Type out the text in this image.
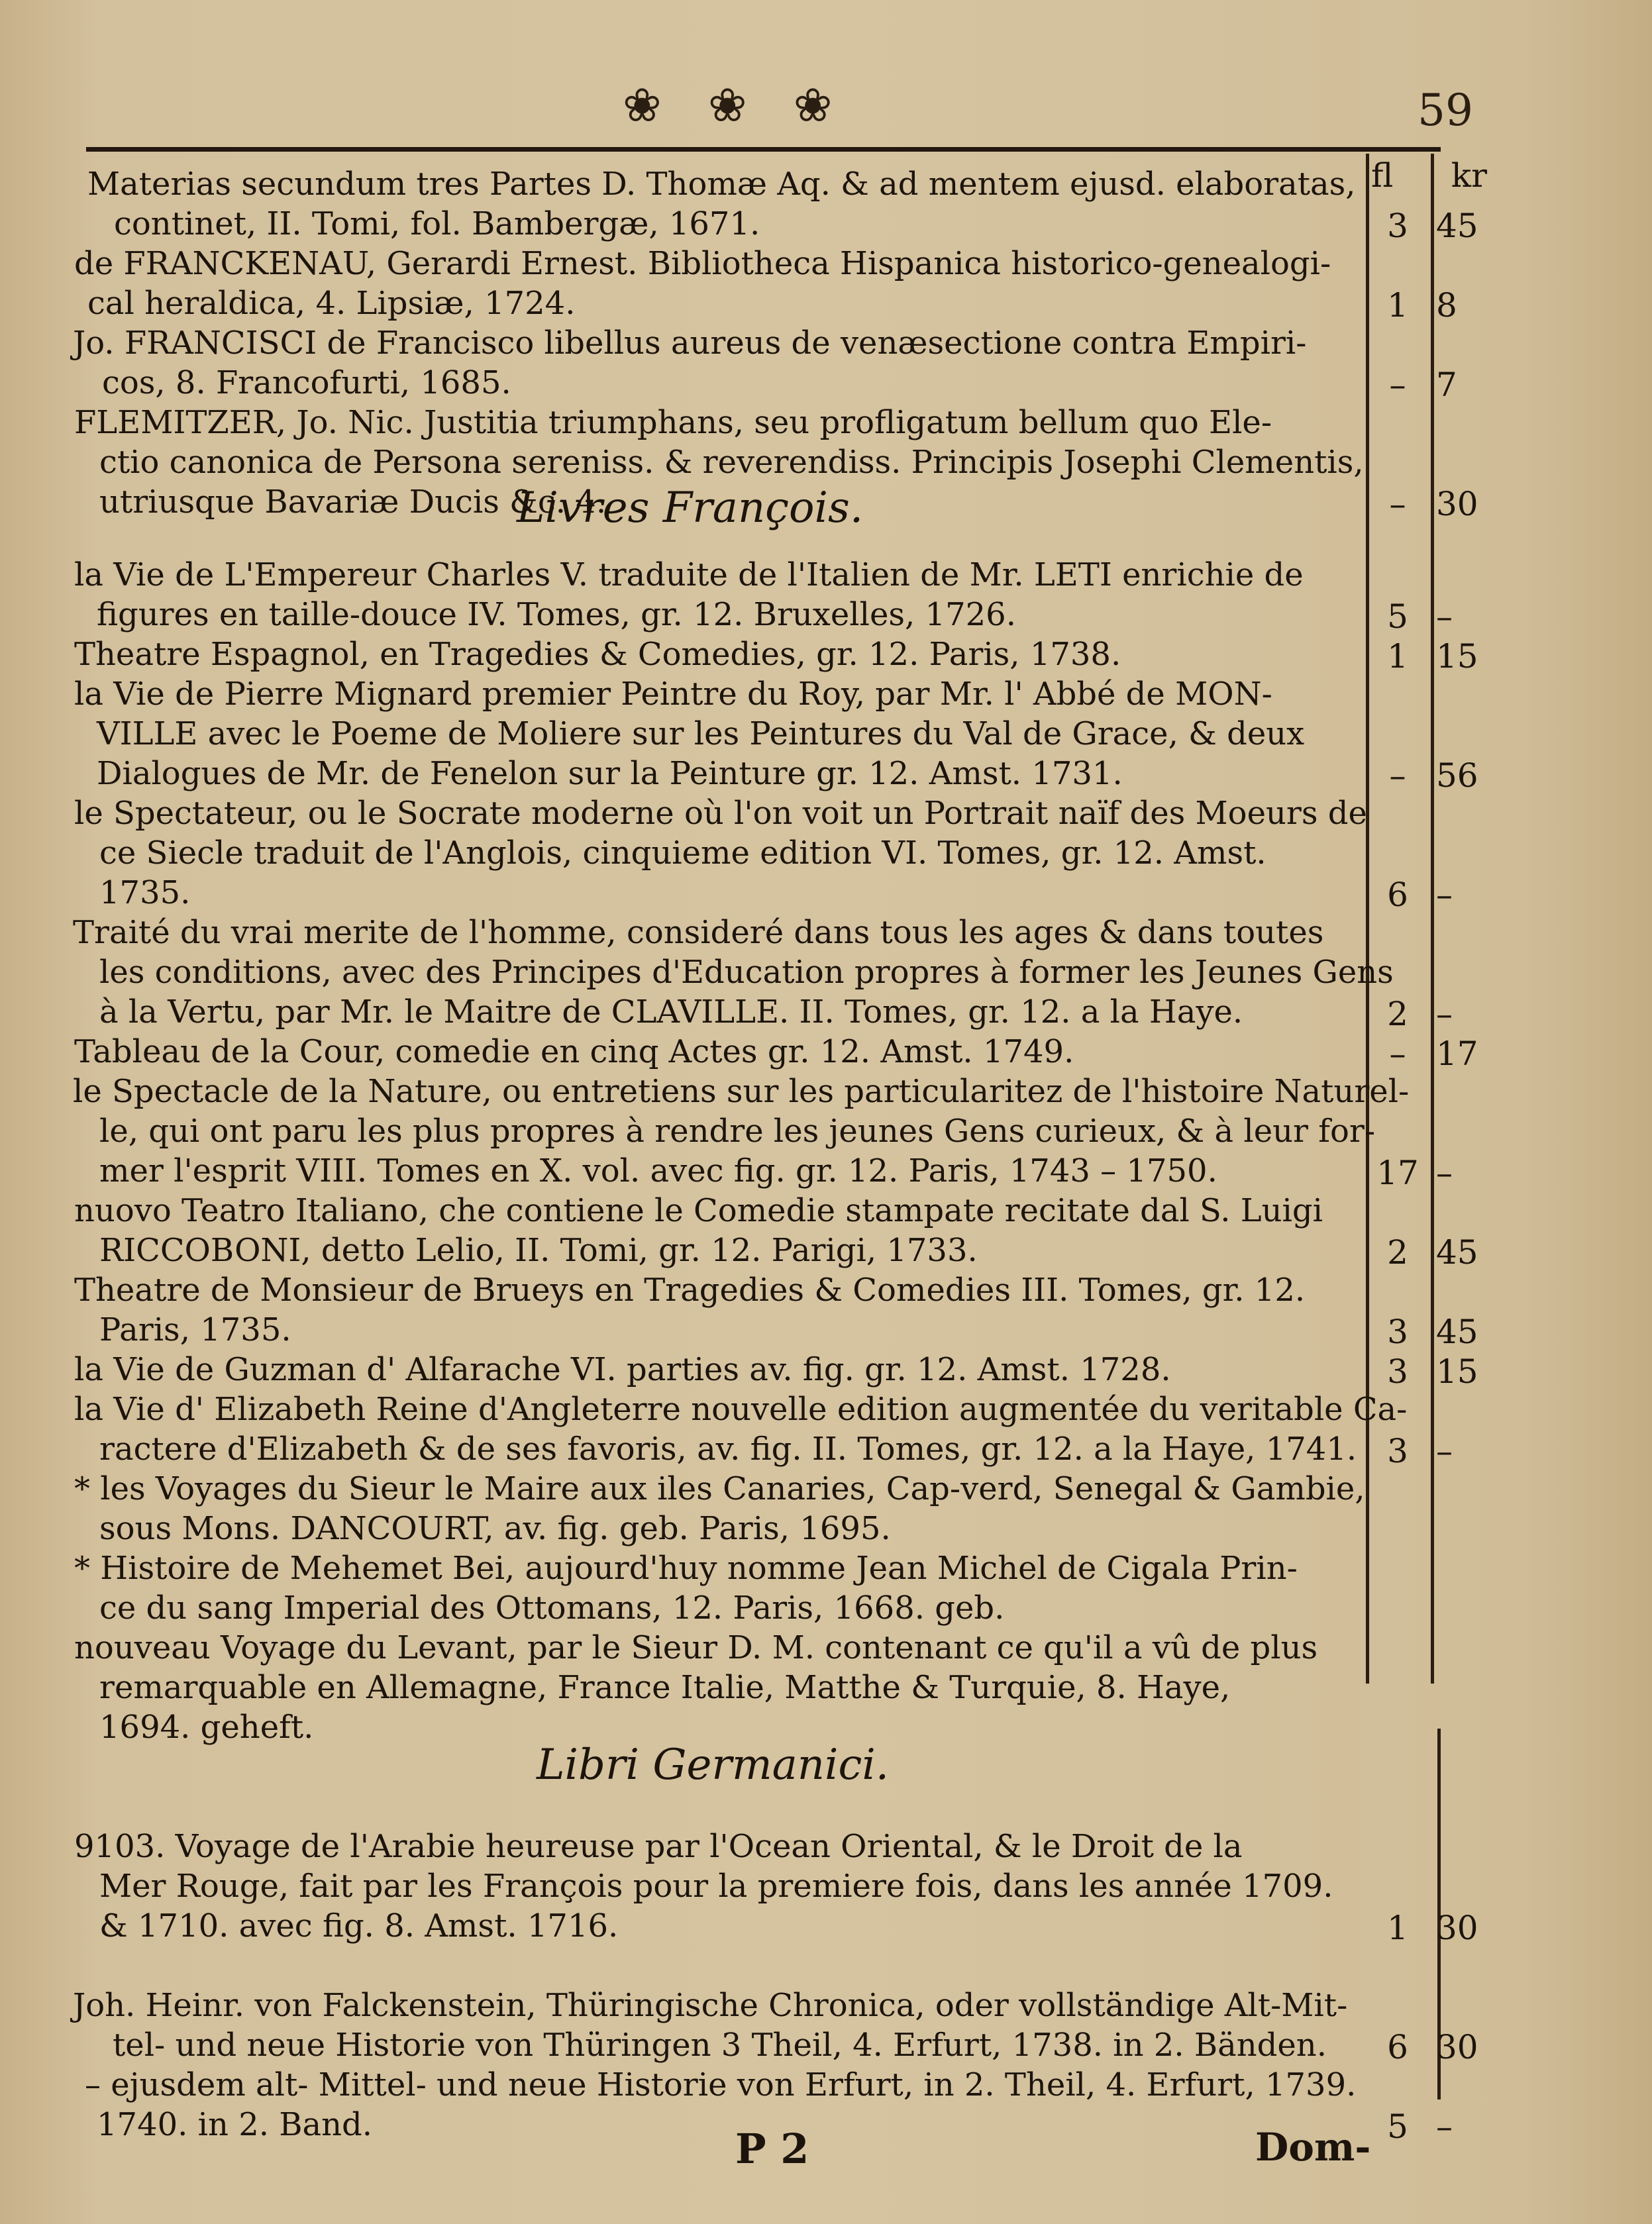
❀ ❀ ❀	59
fl kr
Livres François.
Libri Germanici.
Materias secundum tres Partes D. Thomæ Aq. & ad mentem ejusd. elaboratas,
continet, II. Tomi, fol. Bambergæ, 1671.	3 45
de FRANCKENAU, Gerardi Ernest. Bibliotheca Hispanica historico-genealogi-
cal heraldica, 4. Lipsiæ, 1724.	1 8
Jo. FRANCISCI de Francisco libellus aureus de venæsectione contra Empiri-
cos, 8. Francofurti, 1685.	– 7
FLEMITZER, Jo. Nic. Justitia triumphans, seu profligatum bellum quo Ele-
ctio canonica de Persona sereniss. & reverendiss. Principis Josephi Clementis,
utriusque Bavariæ Ducis &c. 4.	– 30
la Vie de L'Empereur Charles V. traduite de l'Italien de Mr. LETI enrichie de
figures en taille-douce IV. Tomes, gr. 12. Bruxelles, 1726.	5 –
Theatre Espagnol, en Tragedies & Comedies, gr. 12. Paris, 1738.	1 15
la Vie de Pierre Mignard premier Peintre du Roy, par Mr. l' Abbé de MON-
VILLE avec le Poeme de Moliere sur les Peintures du Val de Grace, & deux
Dialogues de Mr. de Fenelon sur la Peinture gr. 12. Amst. 1731.	– 56
le Spectateur, ou le Socrate moderne où l'on voit un Portrait naïf des Moeurs de
ce Siecle traduit de l'Anglois, cinquieme edition VI. Tomes, gr. 12. Amst.
1735.	6 –
Traité du vrai merite de l'homme, consideré dans tous les ages & dans toutes
les conditions, avec des Principes d'Education propres à former les Jeunes Gens
à la Vertu, par Mr. le Maitre de CLAVILLE. II. Tomes, gr. 12. a la Haye.	2 –
Tableau de la Cour, comedie en cinq Actes gr. 12. Amst. 1749.	– 17
le Spectacle de la Nature, ou entretiens sur les particularitez de l'histoire Naturel-
le, qui ont paru les plus propres à rendre les jeunes Gens curieux, & à leur for-
mer l'esprit VIII. Tomes en X. vol. avec fig. gr. 12. Paris, 1743 – 1750.	17 –
nuovo Teatro Italiano, che contiene le Comedie stampate recitate dal S. Luigi
RICCOBONI, detto Lelio, II. Tomi, gr. 12. Parigi, 1733.	2 45
Theatre de Monsieur de Brueys en Tragedies & Comedies III. Tomes, gr. 12.
Paris, 1735.	3 45
la Vie de Guzman d' Alfarache VI. parties av. fig. gr. 12. Amst. 1728.	3 15
la Vie d' Elizabeth Reine d'Angleterre nouvelle edition augmentée du veritable Ca-
ractere d'Elizabeth & de ses favoris, av. fig. II. Tomes, gr. 12. a la Haye, 1741. 3 –
* les Voyages du Sieur le Maire aux iles Canaries, Cap-verd, Senegal & Gambie,
sous Mons. DANCOURT, av. fig. geb. Paris, 1695.
* Histoire de Mehemet Bei, aujourd'huy nomme Jean Michel de Cigala Prin-
ce du sang Imperial des Ottomans, 12. Paris, 1668. geb.
nouveau Voyage du Levant, par le Sieur D. M. contenant ce qu'il a vû de plus
remarquable en Allemagne, France Italie, Matthe & Turquie, 8. Haye,
1694. geheft.
9103. Voyage de l'Arabie heureuse par l'Ocean Oriental, & le Droit de la
Mer Rouge, fait par les François pour la premiere fois, dans les année 1709.
& 1710. avec fig. 8. Amst. 1716.	1 30
Joh. Heinr. von Falckenstein, Thüringische Chronica, oder vollständige Alt-Mit-
tel- und neue Historie von Thüringen 3 Theil, 4. Erfurt, 1738. in 2. Bänden.	6 30
– ejusdem alt- Mittel- und neue Historie von Erfurt, in 2. Theil, 4. Erfurt, 1739.
1740. in 2. Band.	5 –
P 2	Dom-
